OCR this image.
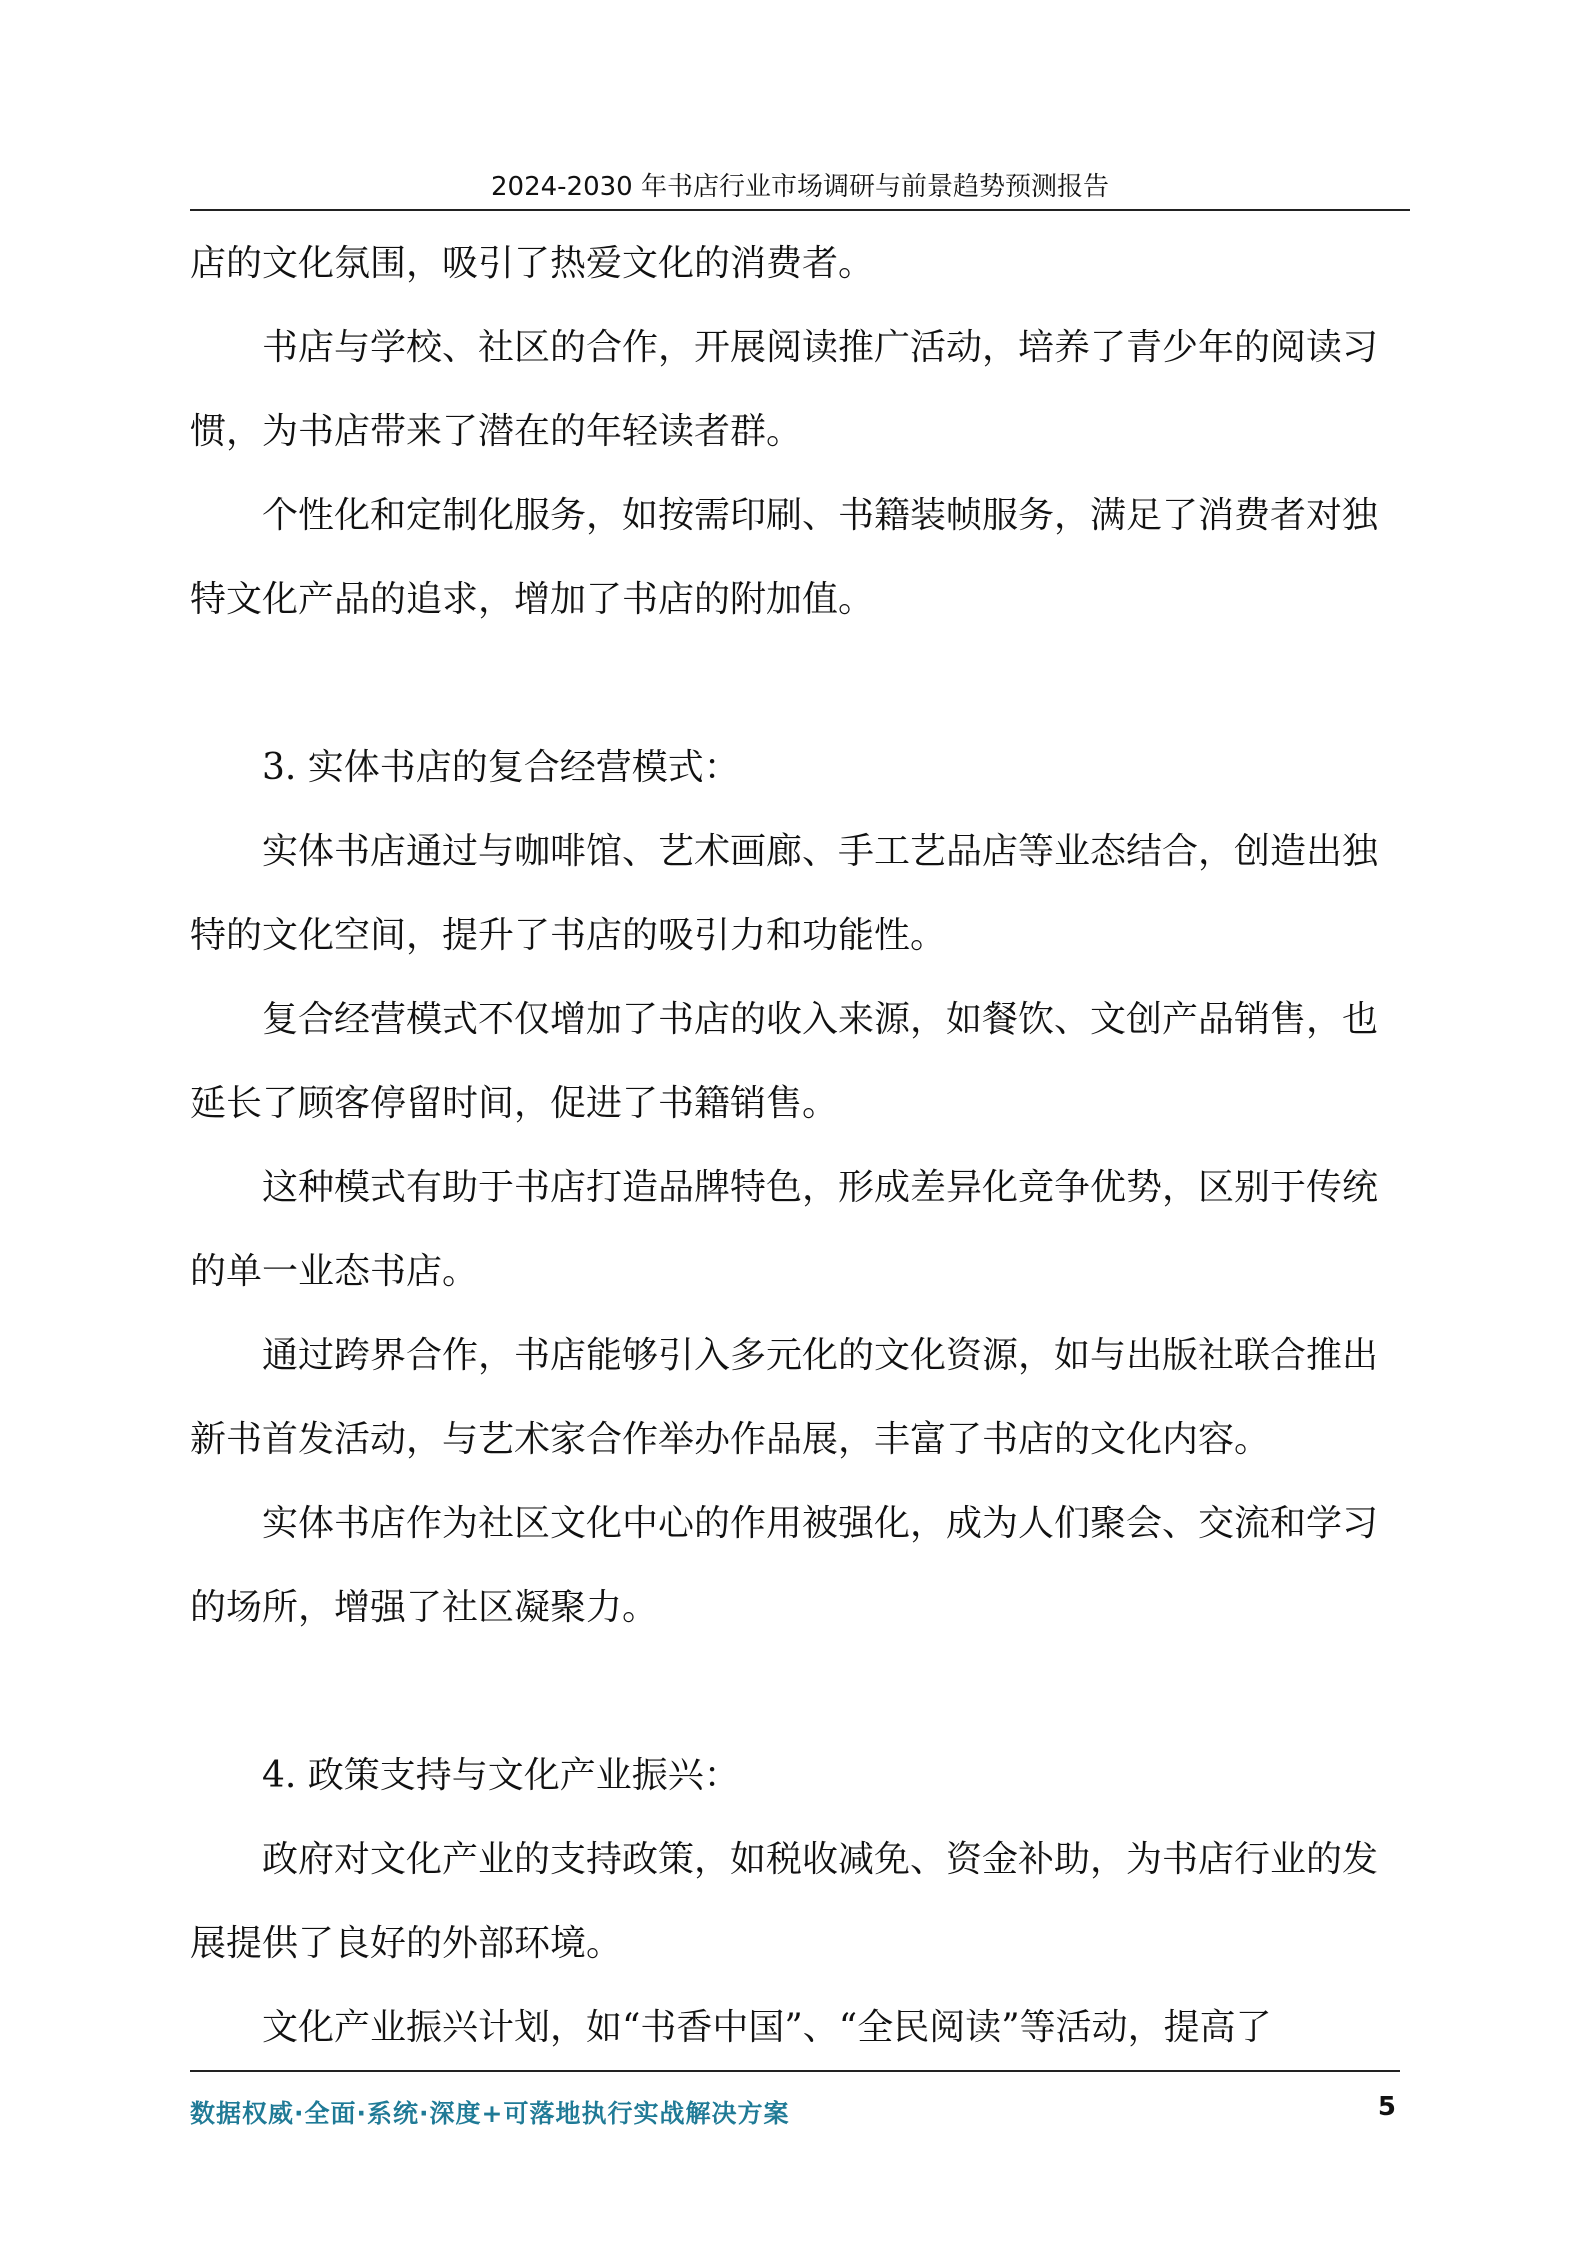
2024-2030 年书店行业市场调研与前景趋势预测报告

店的文化氛围，吸引了热爱文化的消费者。

书店与学校、社区的合作，开展阅读推广活动，培养了青少年的阅读习惯，为书店带来了潜在的年轻读者群。

个性化和定制化服务，如按需印刷、书籍装帧服务，满足了消费者对独特文化产品的追求，增加了书店的附加值。

3. 实体书店的复合经营模式：

实体书店通过与咖啡馆、艺术画廊、手工艺品店等业态结合，创造出独特的文化空间，提升了书店的吸引力和功能性。

复合经营模式不仅增加了书店的收入来源，如餐饮、文创产品销售，也延长了顾客停留时间，促进了书籍销售。

这种模式有助于书店打造品牌特色，形成差异化竞争优势，区别于传统的单一业态书店。

通过跨界合作，书店能够引入多元化的文化资源，如与出版社联合推出新书首发活动，与艺术家合作举办作品展，丰富了书店的文化内容。

实体书店作为社区文化中心的作用被强化，成为人们聚会、交流和学习的场所，增强了社区凝聚力。

4. 政策支持与文化产业振兴：

政府对文化产业的支持政策，如税收减免、资金补助，为书店行业的发展提供了良好的外部环境。

文化产业振兴计划，如“书香中国”、“全民阅读”等活动，提高了

数据权威·全面·系统·深度+可落地执行实战解决方案	5
